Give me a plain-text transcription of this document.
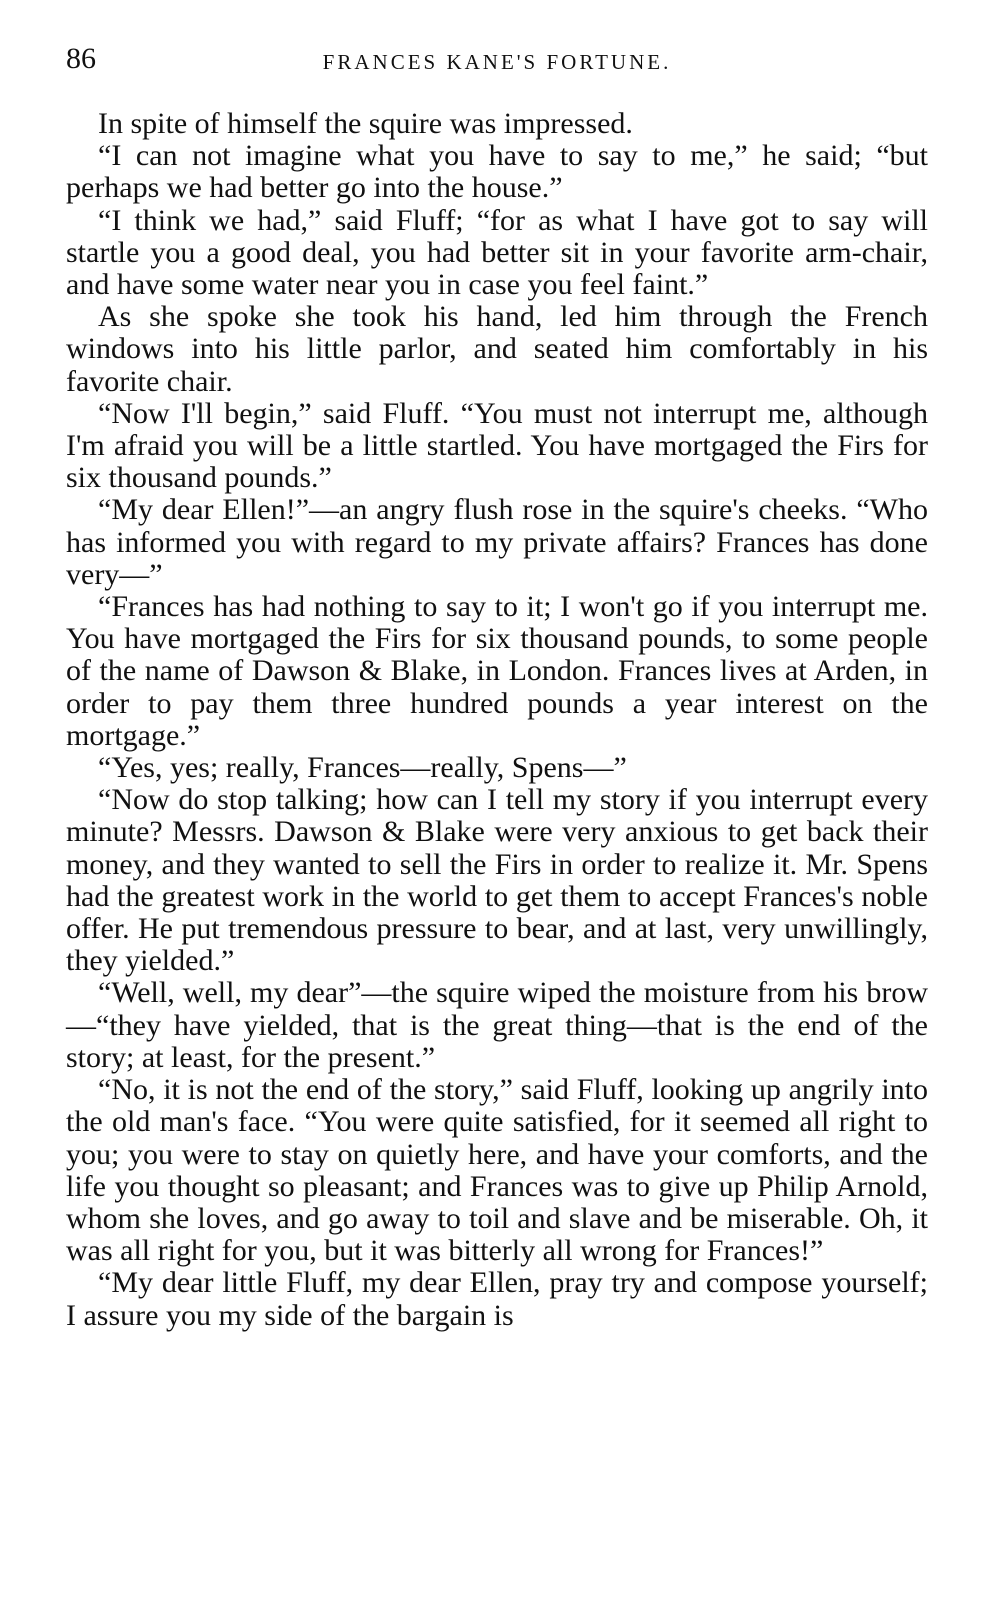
86	FRANCES KANE'S FORTUNE.

In spite of himself the squire was impressed.

“I can not imagine what you have to say to me,” he said; “but perhaps we had better go into the house.”

“I think we had,” said Fluff; “for as what I have got to say will startle you a good deal, you had better sit in your favorite arm-chair, and have some water near you in case you feel faint.”

As she spoke she took his hand, led him through the French windows into his little parlor, and seated him comfortably in his favorite chair.

“Now I'll begin,” said Fluff. “You must not interrupt me, although I'm afraid you will be a little startled. You have mortgaged the Firs for six thousand pounds.”

“My dear Ellen!”—an angry flush rose in the squire's cheeks. “Who has informed you with regard to my private affairs? Frances has done very—”

“Frances has had nothing to say to it; I won't go if you interrupt me. You have mortgaged the Firs for six thousand pounds, to some people of the name of Dawson & Blake, in London. Frances lives at Arden, in order to pay them three hundred pounds a year interest on the mortgage.”

“Yes, yes; really, Frances—really, Spens—”

“Now do stop talking; how can I tell my story if you interrupt every minute? Messrs. Dawson & Blake were very anxious to get back their money, and they wanted to sell the Firs in order to realize it. Mr. Spens had the greatest work in the world to get them to accept Frances's noble offer. He put tremendous pressure to bear, and at last, very unwillingly, they yielded.”

“Well, well, my dear”—the squire wiped the moisture from his brow—“they have yielded, that is the great thing—that is the end of the story; at least, for the present.”

“No, it is not the end of the story,” said Fluff, looking up angrily into the old man's face. “You were quite satisfied, for it seemed all right to you; you were to stay on quietly here, and have your comforts, and the life you thought so pleasant; and Frances was to give up Philip Arnold, whom she loves, and go away to toil and slave and be miserable. Oh, it was all right for you, but it was bitterly all wrong for Frances!”

“My dear little Fluff, my dear Ellen, pray try and compose yourself; I assure you my side of the bargain is
